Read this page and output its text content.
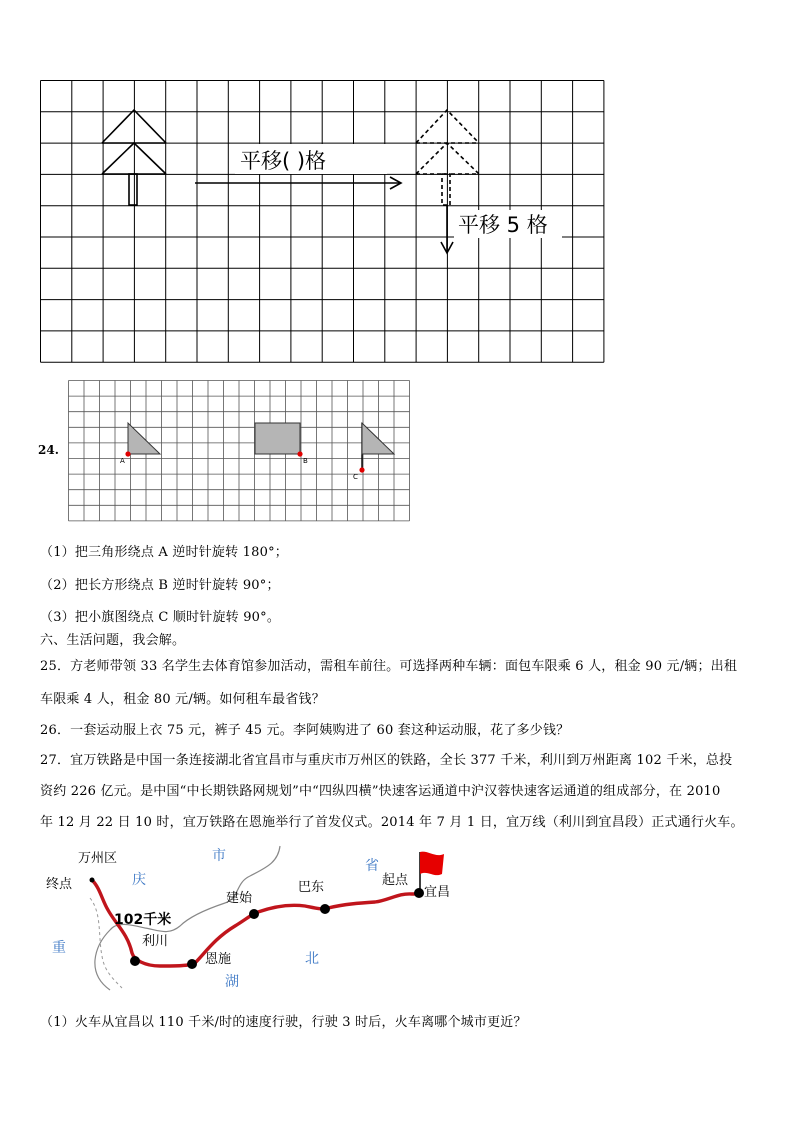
平移( )格
平移 5 格
24.
A	B
C
（1）把三角形绕点 A 逆时针旋转 180°；
（2）把长方形绕点 B 逆时针旋转 90°；
（3）把小旗图绕点 C 顺时针旋转 90°。
六、生活问题，我会解。
25．方老师带领 33 名学生去体育馆参加活动，需租车前往。可选择两种车辆：面包车限乘 6 人，租金 90 元/辆；出租
车限乘 4 人，租金 80 元/辆。如何租车最省钱？
26．一套运动服上衣 75 元，裤子 45 元。李阿姨购进了 60 套这种运动服，花了多少钱？
27．宜万铁路是中国一条连接湖北省宜昌市与重庆市万州区的铁路，全长 377 千米，利川到万州距离 102 千米，总投
资约 226 亿元。是中国“中长期铁路网规划”中“四纵四横”快速客运通道中沪汉蓉快速客运通道的组成部分，在 2010
年 12 月 22 日 10 时，宜万铁路在恩施举行了首发仪式。2014 年 7 月 1 日，宜万线（利川到宜昌段）正式通行火车。
万州区
终点
102千米
利川
恩施
建始
巴东	起点
宜昌
庆
市
省
重
湖
北
（1）火车从宜昌以 110 千米/时的速度行驶，行驶 3 时后，火车离哪个城市更近？
